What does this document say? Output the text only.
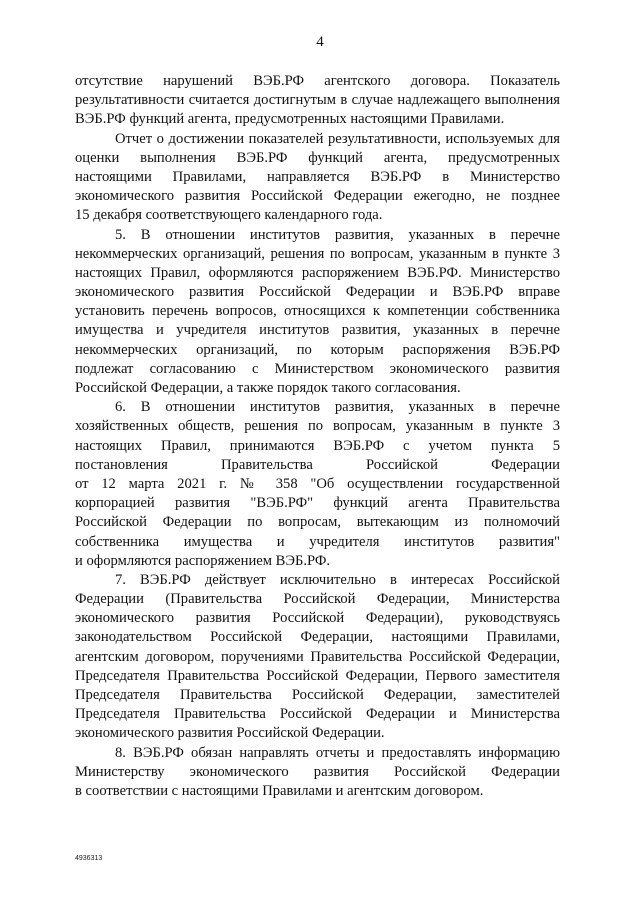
4

отсутствие нарушений ВЭБ.РФ агентского договора. Показатель
результативности считается достигнутым в случае надлежащего выполнения
ВЭБ.РФ функций агента, предусмотренных настоящими Правилами.

Отчет о достижении показателей результативности, используемых для
оценки выполнения ВЭБ.РФ функций агента, предусмотренных
настоящими Правилами, направляется ВЭБ.РФ в Министерство
экономического развития Российской Федерации ежегодно, не позднее
15 декабря соответствующего календарного года.

5. В отношении институтов развития, указанных в перечне
некоммерческих организаций, решения по вопросам, указанным в пункте 3
настоящих Правил, оформляются распоряжением ВЭБ.РФ. Министерство
экономического развития Российской Федерации и ВЭБ.РФ вправе
установить перечень вопросов, относящихся к компетенции собственника
имущества и учредителя институтов развития, указанных в перечне
некоммерческих организаций, по которым распоряжения ВЭБ.РФ
подлежат согласованию с Министерством экономического развития
Российской Федерации, а также порядок такого согласования.

6. В отношении институтов развития, указанных в перечне
хозяйственных обществ, решения по вопросам, указанным в пункте 3
настоящих Правил, принимаются ВЭБ.РФ с учетом пункта 5
постановления Правительства Российской Федерации
от 12 марта 2021 г. № 358 "Об осуществлении государственной
корпорацией развития "ВЭБ.РФ" функций агента Правительства
Российской Федерации по вопросам, вытекающим из полномочий
собственника имущества и учредителя институтов развития"
и оформляются распоряжением ВЭБ.РФ.

7. ВЭБ.РФ действует исключительно в интересах Российской
Федерации (Правительства Российской Федерации, Министерства
экономического развития Российской Федерации), руководствуясь
законодательством Российской Федерации, настоящими Правилами,
агентским договором, поручениями Правительства Российской Федерации,
Председателя Правительства Российской Федерации, Первого заместителя
Председателя Правительства Российской Федерации, заместителей
Председателя Правительства Российской Федерации и Министерства
экономического развития Российской Федерации.

8. ВЭБ.РФ обязан направлять отчеты и предоставлять информацию
Министерству экономического развития Российской Федерации
в соответствии с настоящими Правилами и агентским договором.

4936313
